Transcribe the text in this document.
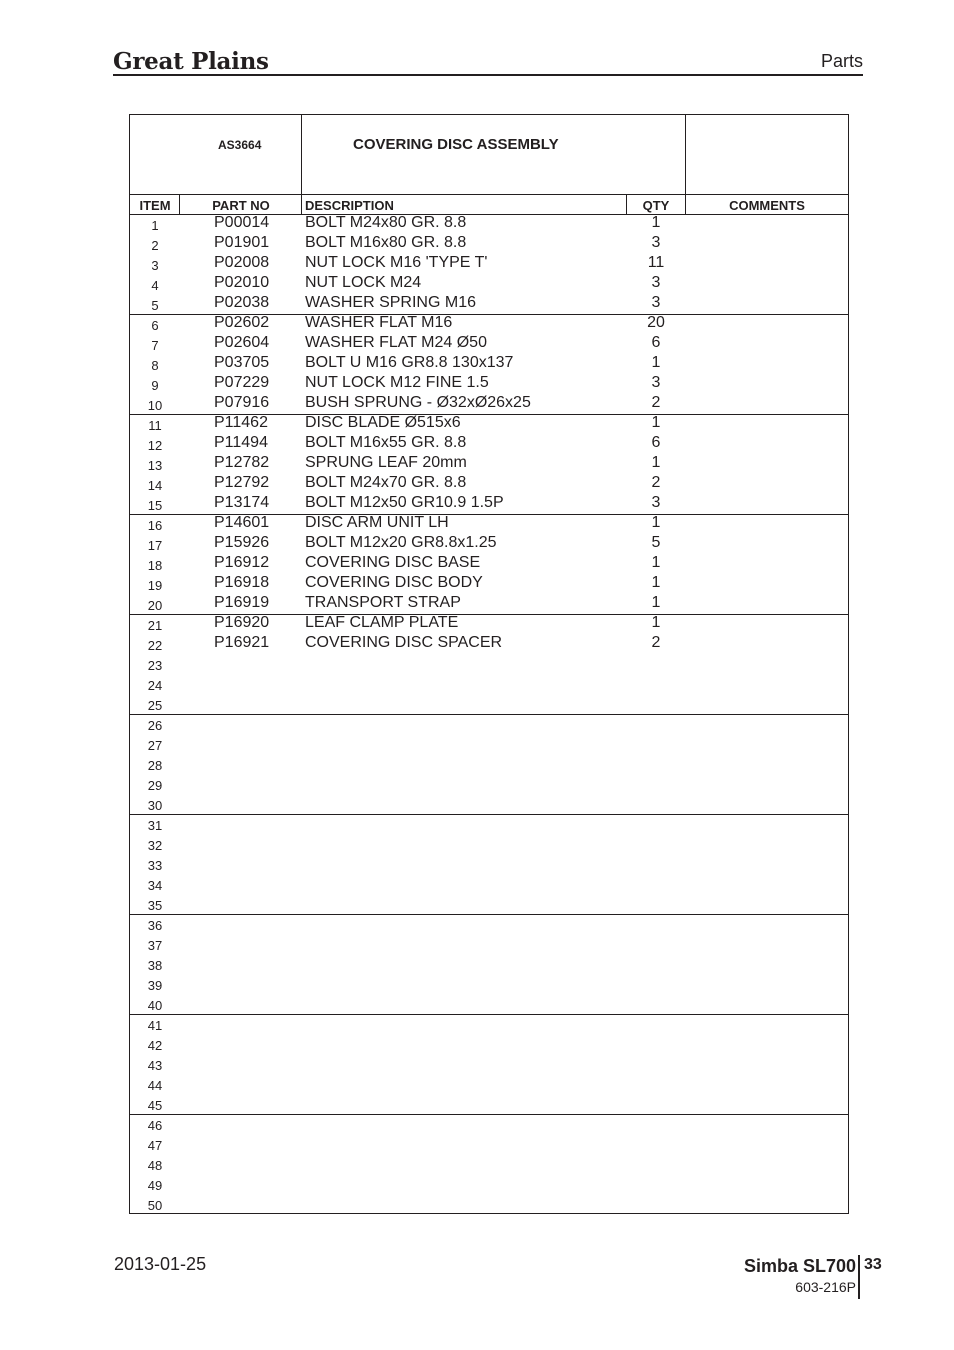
Great Plains	Parts
AS3664	COVERING DISC ASSEMBLY
ITEM	PART NO	DESCRIPTION	QTY	COMMENTS
1	P00014 BOLT M24x80 GR. 8.8	1
2	P01901 BOLT M16x80 GR. 8.8	3
3	P02008 NUT LOCK M16 'TYPE T'	11
4	P02010 NUT LOCK M24	3
5	P02038 WASHER SPRING M16	3
6	P02602 WASHER FLAT M16	20
7	P02604 WASHER FLAT M24 Ø50	6
8	P03705 BOLT U M16 GR8.8 130x137	1
9	P07229 NUT LOCK M12 FINE 1.5	3
10	P07916 BUSH SPRUNG - Ø32xØ26x25	2
11	P11462 DISC BLADE Ø515x6	1
12	P11494 BOLT M16x55 GR. 8.8	6
13	P12782 SPRUNG LEAF 20mm	1
14	P12792 BOLT M24x70 GR. 8.8	2
15	P13174 BOLT M12x50 GR10.9 1.5P	3
16	P14601 DISC ARM UNIT LH	1
17	P15926 BOLT M12x20 GR8.8x1.25	5
18	P16912 COVERING DISC BASE	1
19	P16918 COVERING DISC BODY	1
20	P16919 TRANSPORT STRAP	1
21	P16920 LEAF CLAMP PLATE	1
22	P16921 COVERING DISC SPACER	2
23
24
25
26
27
28
29
30
31
32
33
34
35
36
37
38
39
40
41
42
43
44
45
46
47
48
49
50
2013-01-25	Simba SL700 33
603-216P
